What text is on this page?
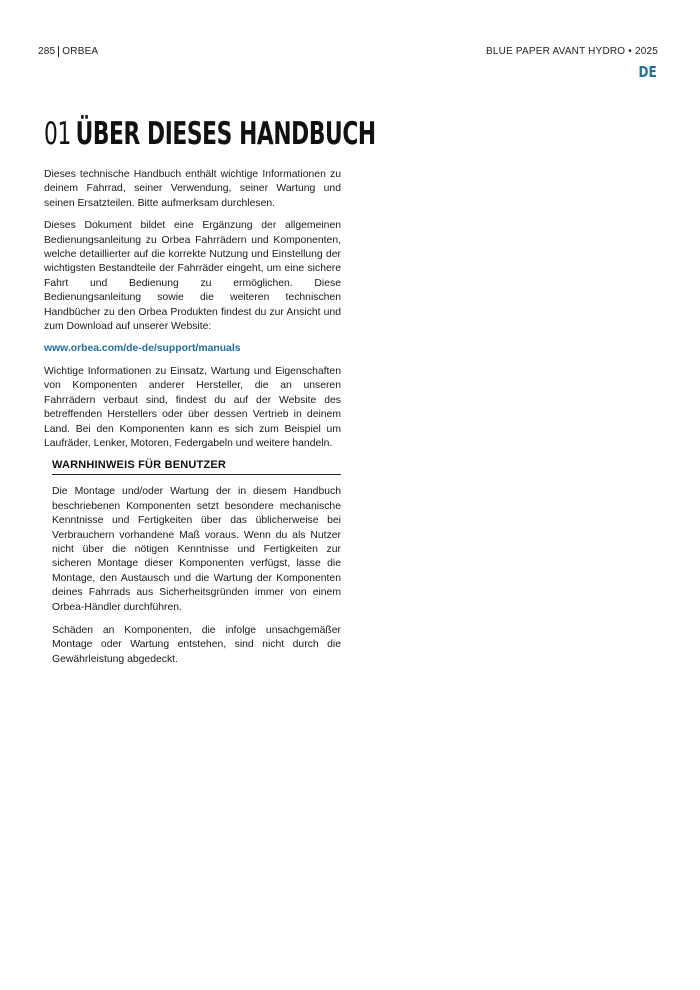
285 ORBEA	BLUE PAPER AVANT HYDRO • 2025
DE
01 ÜBER DIESES HANDBUCH

Dieses technische Handbuch enthält wichtige Informationen zu deinem Fahrrad, seiner Verwendung, seiner Wartung und seinen Ersatzteilen. Bitte aufmerksam durchlesen.

Dieses Dokument bildet eine Ergänzung der allgemeinen Bedienungsanleitung zu Orbea Fahrrädern und Komponenten, welche detaillierter auf die korrekte Nutzung und Einstellung der wichtigsten Bestandteile der Fahrräder eingeht, um eine sichere Fahrt und Bedienung zu ermöglichen. Diese Bedienungsanleitung sowie die weiteren technischen Handbücher zu den Orbea Produkten findest du zur Ansicht und zum Download auf unserer Website:

www.orbea.com/de-de/support/manuals

Wichtige Informationen zu Einsatz, Wartung und Eigenschaften von Komponenten anderer Hersteller, die an unseren Fahrrädern verbaut sind, findest du auf der Website des betreffenden Herstellers oder über dessen Vertrieb in deinem Land. Bei den Komponenten kann es sich zum Beispiel um Laufräder, Lenker, Motoren, Federgabeln und weitere handeln.

WARNHINWEIS FÜR BENUTZER

Die Montage und/oder Wartung der in diesem Handbuch beschriebenen Komponenten setzt besondere mechanische Kenntnisse und Fertigkeiten über das üblicherweise bei Verbrauchern vorhandene Maß voraus. Wenn du als Nutzer nicht über die nötigen Kenntnisse und Fertigkeiten zur sicheren Montage dieser Komponenten verfügst, lasse die Montage, den Austausch und die Wartung der Komponenten deines Fahrrads aus Sicherheitsgründen immer von einem Orbea-Händler durchführen.

Schäden an Komponenten, die infolge unsachgemäßer Montage oder Wartung entstehen, sind nicht durch die Gewährleistung abgedeckt.
